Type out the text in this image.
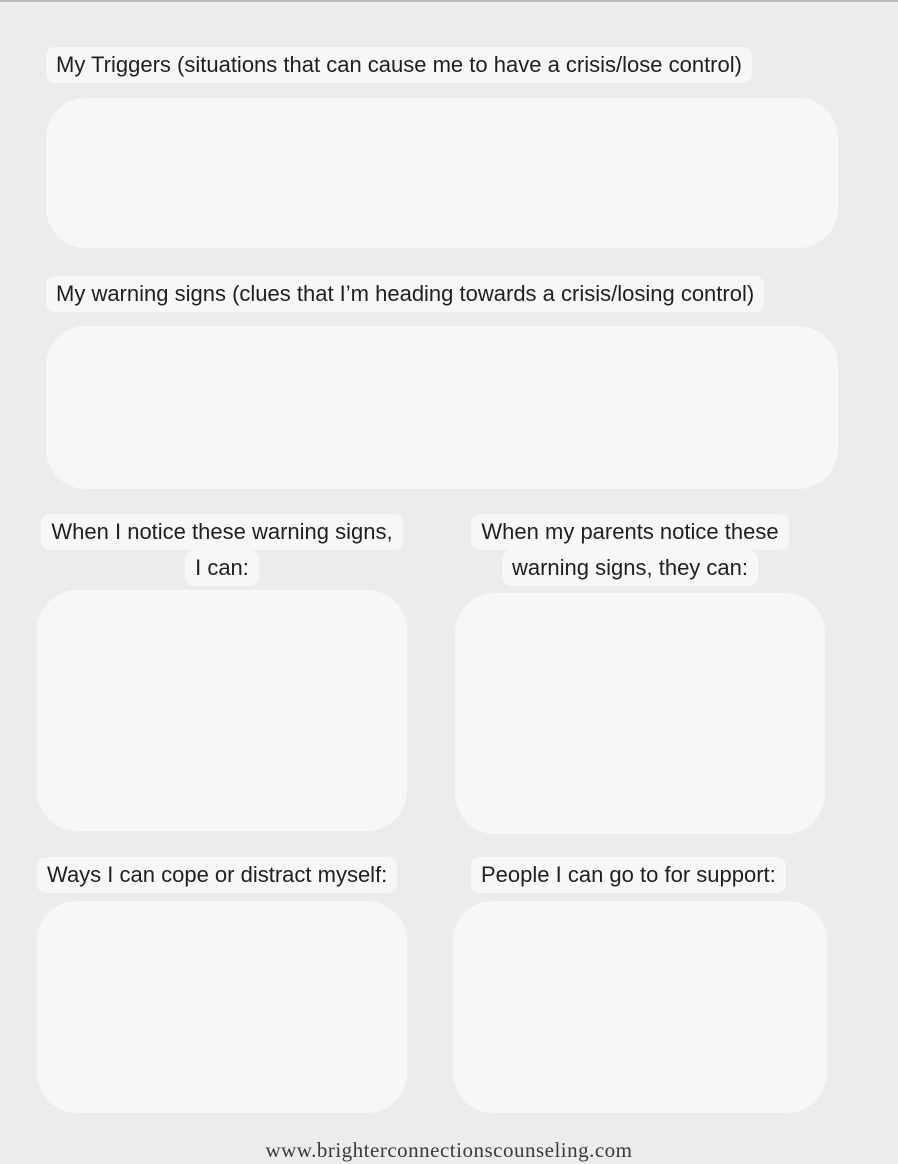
My Triggers (situations that can cause me to have a crisis/lose control)
My warning signs (clues that I’m heading towards a crisis/losing control)
When I notice these warning signs,
I can:
When my parents notice these
warning signs, they can:
Ways I can cope or distract myself:	People I can go to for support:
www.brighterconnectionscounseling.com
